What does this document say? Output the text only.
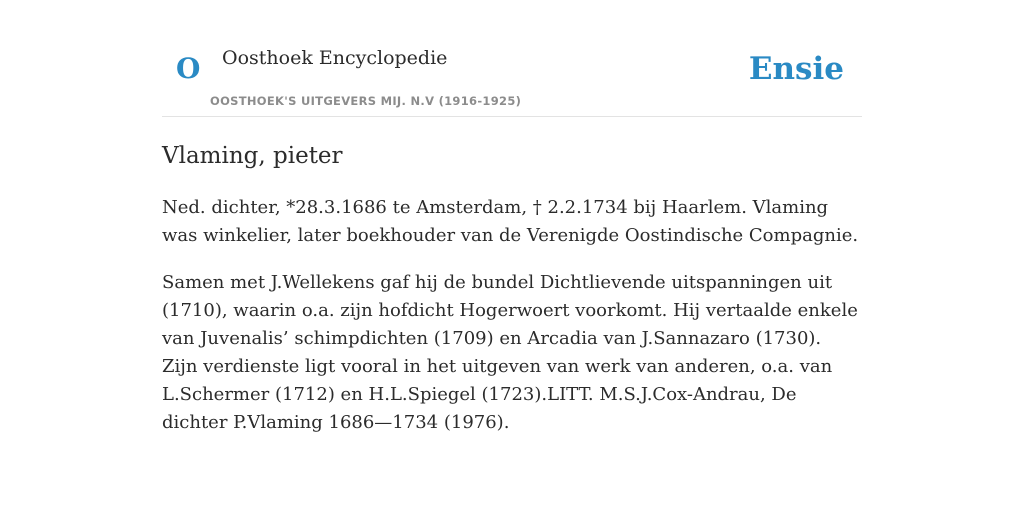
O Oosthoek Encyclopedie
OOSTHOEK'S UITGEVERS MIJ. N.V (1916-1925)
Ensie
Vlaming, pieter

Ned. dichter, *28.3.1686 te Amsterdam, † 2.2.1734 bij Haarlem. Vlaming was winkelier, later boekhouder van de Verenigde Oostindische Compagnie.

Samen met J.Wellekens gaf hij de bundel Dichtlievende uitspanningen uit (1710), waarin o.a. zijn hofdicht Hogerwoert voorkomt. Hij vertaalde enkele van Juvenalis’ schimpdichten (1709) en Arcadia van J.Sannazaro (1730). Zijn verdienste ligt vooral in het uitgeven van werk van anderen, o.a. van L.Schermer (1712) en H.L.Spiegel (1723).LITT. M.S.J.Cox-Andrau, De dichter P.Vlaming 1686—1734 (1976).
